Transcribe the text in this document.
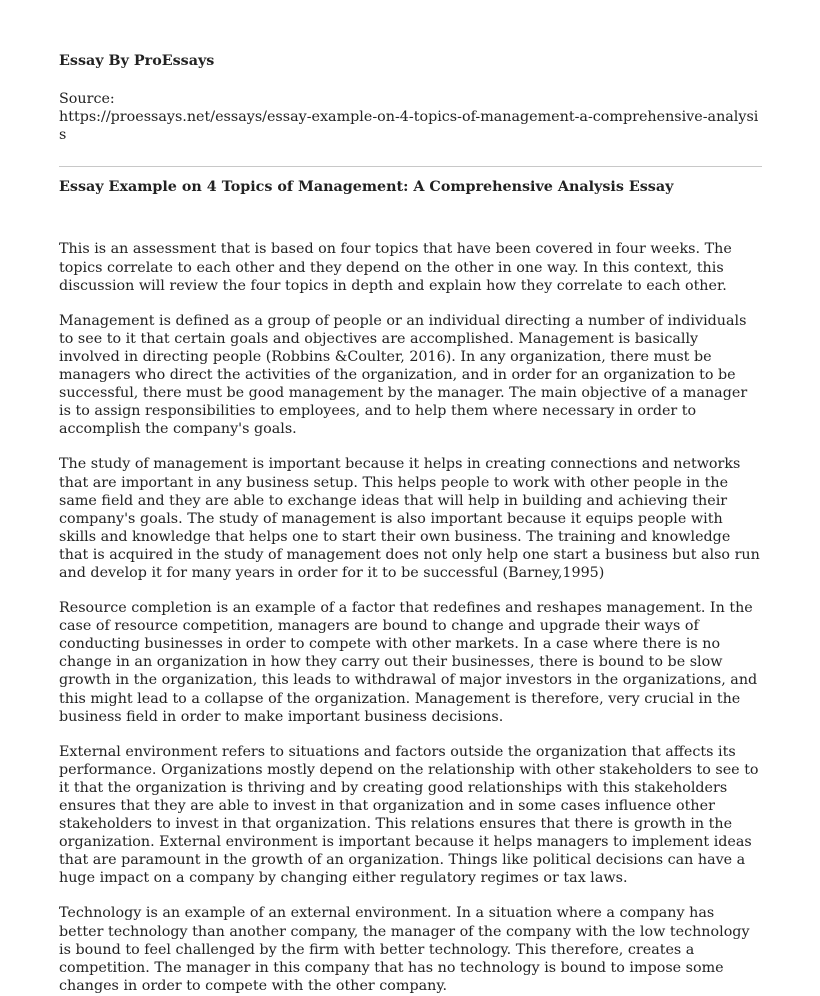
Essay By ProEssays

Source:

https://proessays.net/essays/essay-example-on-4-topics-of-management-a-comprehensive-analysis

Essay Example on 4 Topics of Management: A Comprehensive Analysis Essay

This is an assessment that is based on four topics that have been covered in four weeks. The topics correlate to each other and they depend on the other in one way. In this context, this discussion will review the four topics in depth and explain how they correlate to each other.

Management is defined as a group of people or an individual directing a number of individuals to see to it that certain goals and objectives are accomplished. Management is basically involved in directing people (Robbins &Coulter, 2016). In any organization, there must be managers who direct the activities of the organization, and in order for an organization to be successful, there must be good management by the manager. The main objective of a manager is to assign responsibilities to employees, and to help them where necessary in order to accomplish the company's goals.

The study of management is important because it helps in creating connections and networks that are important in any business setup. This helps people to work with other people in the same field and they are able to exchange ideas that will help in building and achieving their company's goals. The study of management is also important because it equips people with skills and knowledge that helps one to start their own business. The training and knowledge that is acquired in the study of management does not only help one start a business but also run and develop it for many years in order for it to be successful (Barney,1995)

Resource completion is an example of a factor that redefines and reshapes management. In the case of resource competition, managers are bound to change and upgrade their ways of conducting businesses in order to compete with other markets. In a case where there is no change in an organization in how they carry out their businesses, there is bound to be slow growth in the organization, this leads to withdrawal of major investors in the organizations, and this might lead to a collapse of the organization. Management is therefore, very crucial in the business field in order to make important business decisions.

External environment refers to situations and factors outside the organization that affects its performance. Organizations mostly depend on the relationship with other stakeholders to see to it that the organization is thriving and by creating good relationships with this stakeholders ensures that they are able to invest in that organization and in some cases influence other stakeholders to invest in that organization. This relations ensures that there is growth in the organization. External environment is important because it helps managers to implement ideas that are paramount in the growth of an organization. Things like political decisions can have a huge impact on a company by changing either regulatory regimes or tax laws.

Technology is an example of an external environment. In a situation where a company has better technology than another company, the manager of the company with the low technology is bound to feel challenged by the firm with better technology. This therefore, creates a competition. The manager in this company that has no technology is bound to impose some changes in order to compete with the other company.
